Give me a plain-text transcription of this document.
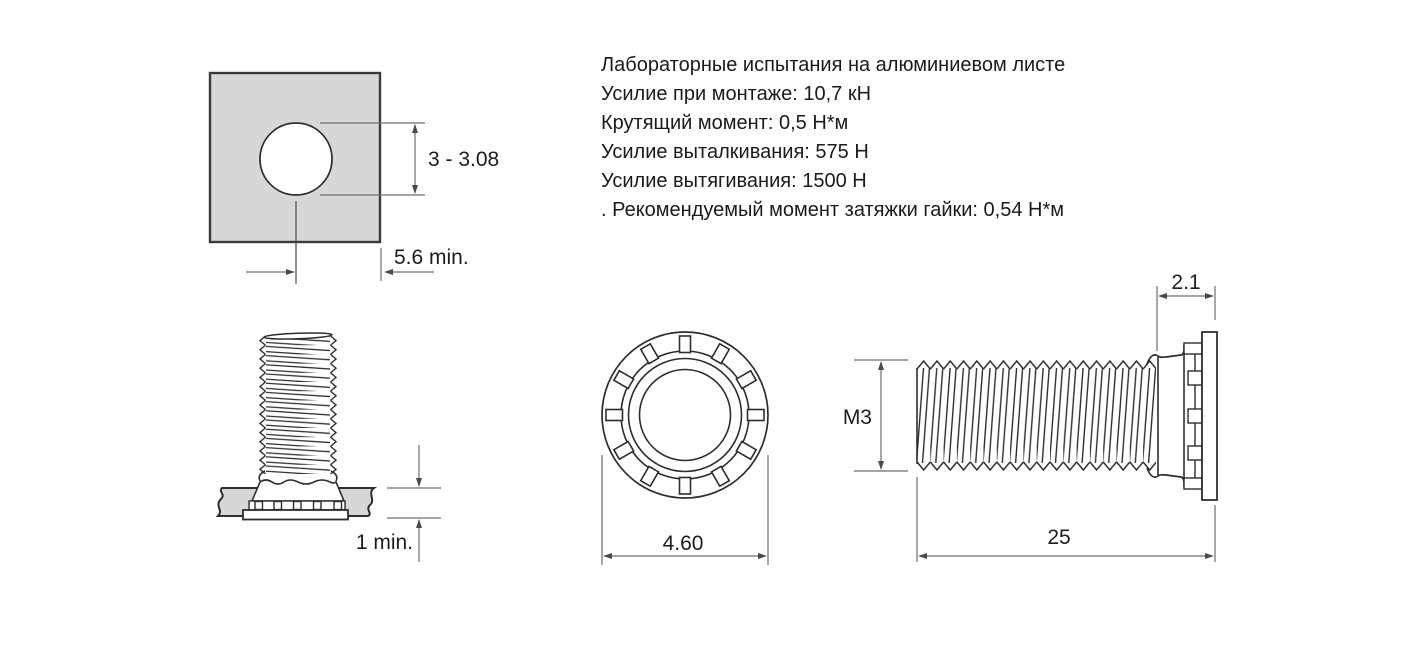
Лабораторные испытания на алюминиевом листе
Усилие при монтаже: 10,7 кН
Крутящий момент: 0,5 Н*м
Усилие выталкивания: 575 Н
Усилие вытягивания: 1500 Н
. Рекомендуемый момент затяжки гайки: 0,54 Н*м
3 - 3.08
5.6 min.
1 min.	4.60
M3
2.1
25
